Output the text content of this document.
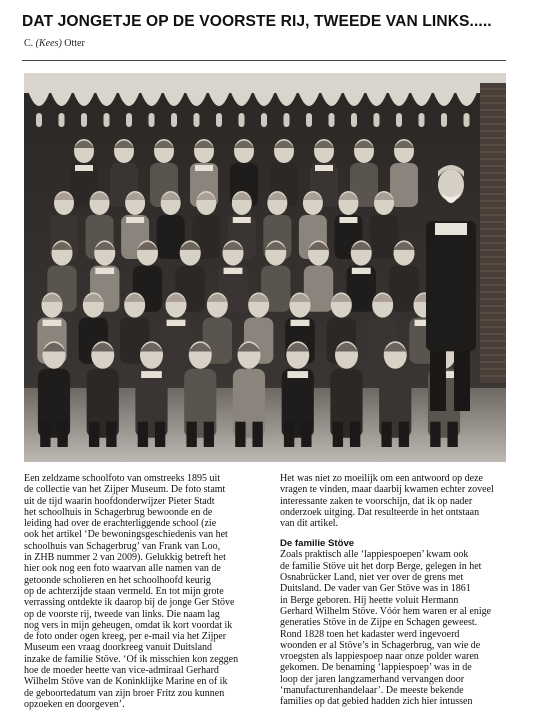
DAT JONGETJE OP DE VOORSTE RIJ, TWEEDE VAN LINKS.....
C. (Kees) Otter

Een zeldzame schoolfoto van omstreeks 1895 uit
de collectie van het Zijper Museum. De foto stamt
uit de tijd waarin hoofdonderwijzer Pieter Stadt
het schoolhuis in Schagerbrug bewoonde en de
leiding had over de erachterliggende school (zie
ook het artikel ‘De bewoningsgeschiedenis van het
schoolhuis van Schagerbrug’ van Frank van Loo,
in ZHB nummer 2 van 2009). Gelukkig betreft het
hier ook nog een foto waarvan alle namen van de
getoonde scholieren en het schoolhoofd keurig
op de achterzijde staan vermeld. En tot mijn grote
verrassing ontdekte ik daarop bij de jonge Ger Stöve
op de voorste rij, tweede van links. Die naam lag
nog vers in mijn geheugen, omdat ik kort voordat ik
de foto onder ogen kreeg, per e-mail via het Zijper
Museum een vraag doorkreeg vanuit Duitsland
inzake de familie Stöve. ‘Of ik misschien kon zeggen
hoe de moeder heette van vice-admiraal Gerhard
Wilhelm Stöve van de Koninklijke Marine en of ik
de geboortedatum van zijn broer Fritz zou kunnen
opzoeken en doorgeven’.

Het was niet zo moeilijk om een antwoord op deze
vragen te vinden, maar daarbij kwamen echter zoveel
interessante zaken te voorschijn, dat ik op nader
onderzoek uitging. Dat resulteerde in het ontstaan
van dit artikel.

De familie Stöve

Zoals praktisch alle ‘lappiespoepen’ kwam ook
de familie Stöve uit het dorp Berge, gelegen in het
Osnabrücker Land, niet ver over de grens met
Duitsland. De vader van Ger Stöve was in 1861
in Berge geboren. Hij heette voluit Hermann
Gerhard Wilhelm Stöve. Vóór hem waren er al enige
generaties Stöve in de Zijpe en Schagen geweest.
Rond 1828 toen het kadaster werd ingevoerd
woonden er al Stöve’s in Schagerbrug, van wie de
vroegsten als lappiespoep naar onze polder waren
gekomen. De benaming ‘lappiespoep’ was in de
loop der jaren langzamerhand vervangen door
‘manufacturenhandelaar’. De meeste bekende
families op dat gebied hadden zich hier intussen
